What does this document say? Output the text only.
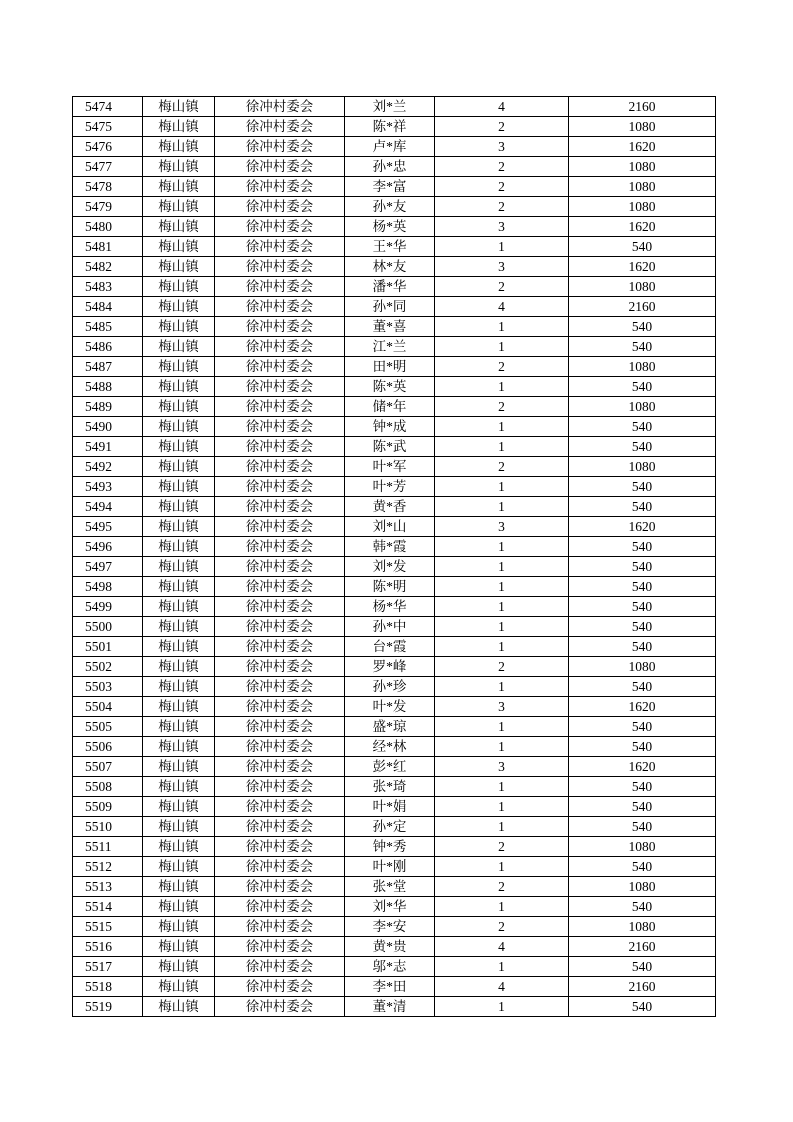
5474	梅山镇	徐冲村委会	刘*兰	4	2160
5475	梅山镇	徐冲村委会	陈*祥	2	1080
5476	梅山镇	徐冲村委会	卢*库	3	1620
5477	梅山镇	徐冲村委会	孙*忠	2	1080
5478	梅山镇	徐冲村委会	李*富	2	1080
5479	梅山镇	徐冲村委会	孙*友	2	1080
5480	梅山镇	徐冲村委会	杨*英	3	1620
5481	梅山镇	徐冲村委会	王*华	1	540
5482	梅山镇	徐冲村委会	林*友	3	1620
5483	梅山镇	徐冲村委会	潘*华	2	1080
5484	梅山镇	徐冲村委会	孙*同	4	2160
5485	梅山镇	徐冲村委会	董*喜	1	540
5486	梅山镇	徐冲村委会	江*兰	1	540
5487	梅山镇	徐冲村委会	田*明	2	1080
5488	梅山镇	徐冲村委会	陈*英	1	540
5489	梅山镇	徐冲村委会	储*年	2	1080
5490	梅山镇	徐冲村委会	钟*成	1	540
5491	梅山镇	徐冲村委会	陈*武	1	540
5492	梅山镇	徐冲村委会	叶*军	2	1080
5493	梅山镇	徐冲村委会	叶*芳	1	540
5494	梅山镇	徐冲村委会	黄*香	1	540
5495	梅山镇	徐冲村委会	刘*山	3	1620
5496	梅山镇	徐冲村委会	韩*霞	1	540
5497	梅山镇	徐冲村委会	刘*发	1	540
5498	梅山镇	徐冲村委会	陈*明	1	540
5499	梅山镇	徐冲村委会	杨*华	1	540
5500	梅山镇	徐冲村委会	孙*中	1	540
5501	梅山镇	徐冲村委会	台*霞	1	540
5502	梅山镇	徐冲村委会	罗*峰	2	1080
5503	梅山镇	徐冲村委会	孙*珍	1	540
5504	梅山镇	徐冲村委会	叶*发	3	1620
5505	梅山镇	徐冲村委会	盛*琼	1	540
5506	梅山镇	徐冲村委会	经*林	1	540
5507	梅山镇	徐冲村委会	彭*红	3	1620
5508	梅山镇	徐冲村委会	张*琦	1	540
5509	梅山镇	徐冲村委会	叶*娟	1	540
5510	梅山镇	徐冲村委会	孙*定	1	540
5511	梅山镇	徐冲村委会	钟*秀	2	1080
5512	梅山镇	徐冲村委会	叶*刚	1	540
5513	梅山镇	徐冲村委会	张*堂	2	1080
5514	梅山镇	徐冲村委会	刘*华	1	540
5515	梅山镇	徐冲村委会	李*安	2	1080
5516	梅山镇	徐冲村委会	黄*贵	4	2160
5517	梅山镇	徐冲村委会	邬*志	1	540
5518	梅山镇	徐冲村委会	李*田	4	2160
5519	梅山镇	徐冲村委会	董*清	1	540
